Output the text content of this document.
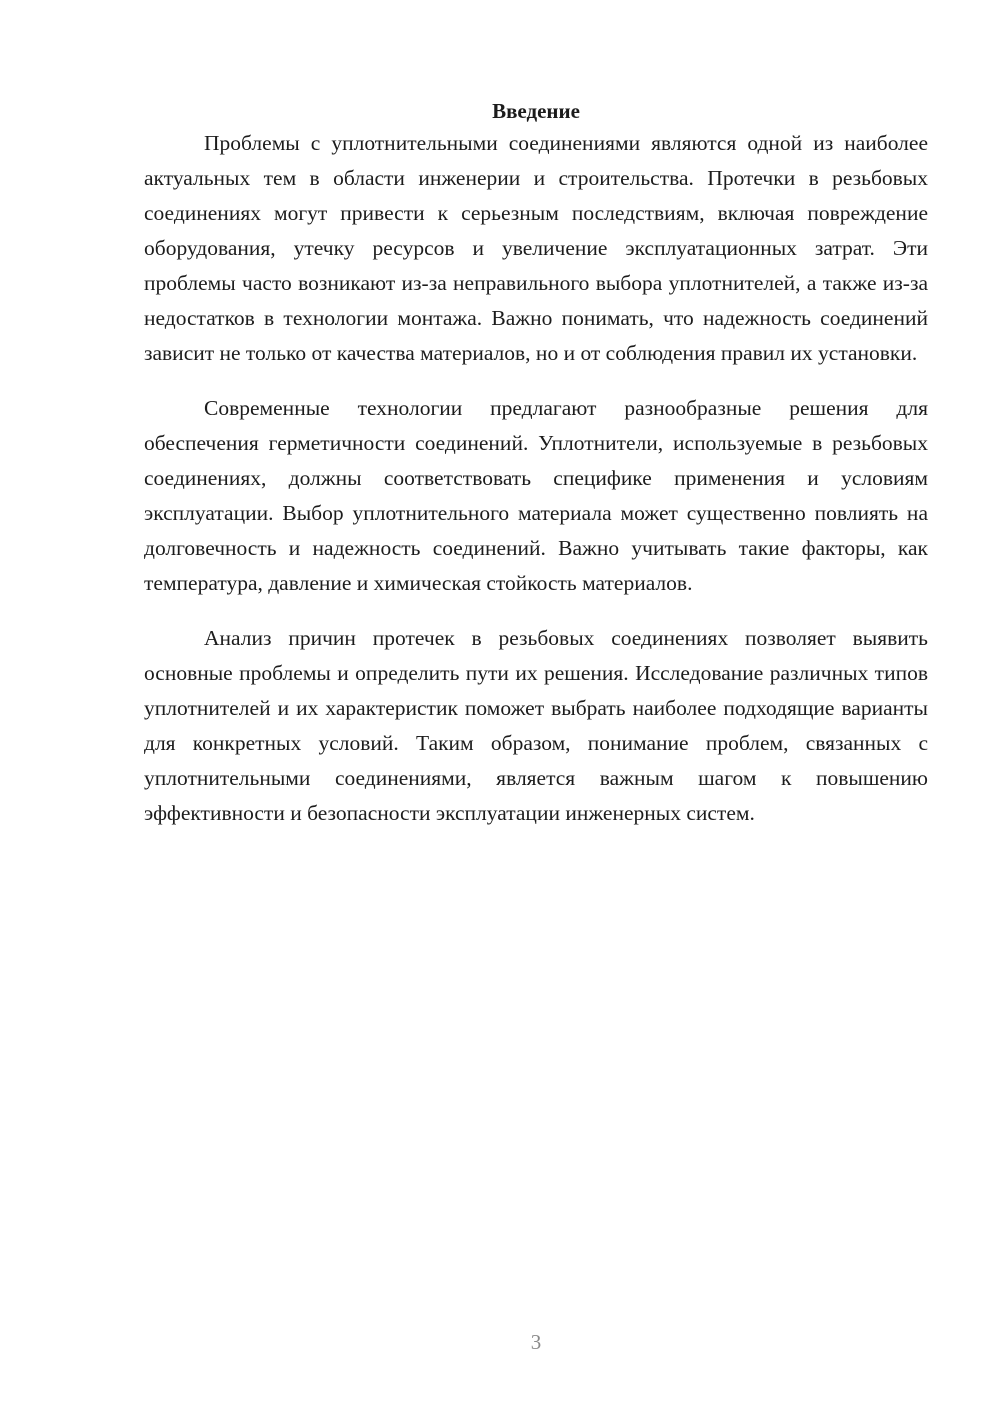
Введение

Проблемы с уплотнительными соединениями являются одной из наиболее актуальных тем в области инженерии и строительства. Протечки в резьбовых соединениях могут привести к серьезным последствиям, включая повреждение оборудования, утечку ресурсов и увеличение эксплуатационных затрат. Эти проблемы часто возникают из-за неправильного выбора уплотнителей, а также из-за недостатков в технологии монтажа. Важно понимать, что надежность соединений зависит не только от качества материалов, но и от соблюдения правил их установки.

Современные технологии предлагают разнообразные решения для обеспечения герметичности соединений. Уплотнители, используемые в резьбовых соединениях, должны соответствовать специфике применения и условиям эксплуатации. Выбор уплотнительного материала может существенно повлиять на долговечность и надежность соединений. Важно учитывать такие факторы, как температура, давление и химическая стойкость материалов.

Анализ причин протечек в резьбовых соединениях позволяет выявить основные проблемы и определить пути их решения. Исследование различных типов уплотнителей и их характеристик поможет выбрать наиболее подходящие варианты для конкретных условий. Таким образом, понимание проблем, связанных с уплотнительными соединениями, является важным шагом к повышению эффективности и безопасности эксплуатации инженерных систем.

3
